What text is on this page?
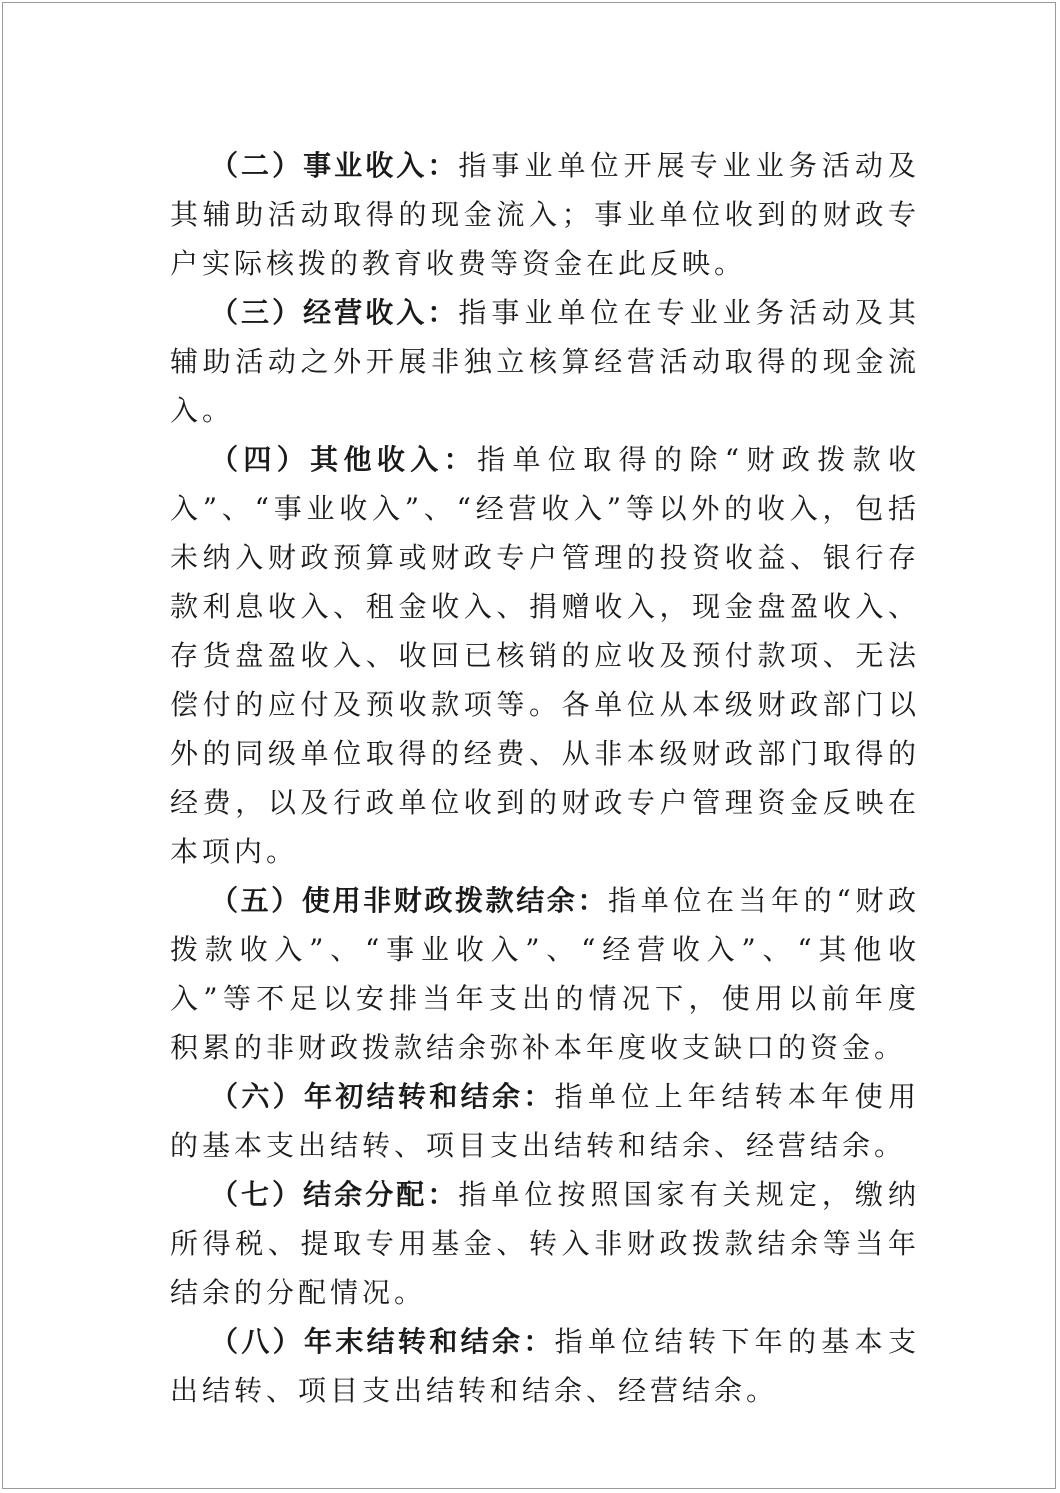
（二）事业收入：指事业单位开展专业业务活动及其辅助活动取得的现金流入；事业单位收到的财政专户实际核拨的教育收费等资金在此反映。

（三）经营收入：指事业单位在专业业务活动及其辅助活动之外开展非独立核算经营活动取得的现金流入。

（四）其他收入：指单位取得的除“财政拨款收入”、“事业收入”、“经营收入”等以外的收入，包括未纳入财政预算或财政专户管理的投资收益、银行存款利息收入、租金收入、捐赠收入，现金盘盈收入、存货盘盈收入、收回已核销的应收及预付款项、无法偿付的应付及预收款项等。各单位从本级财政部门以外的同级单位取得的经费、从非本级财政部门取得的经费，以及行政单位收到的财政专户管理资金反映在本项内。

（五）使用非财政拨款结余：指单位在当年的“财政拨款收入”、“事业收入”、“经营收入”、“其他收入”等不足以安排当年支出的情况下，使用以前年度积累的非财政拨款结余弥补本年度收支缺口的资金。

（六）年初结转和结余：指单位上年结转本年使用的基本支出结转、项目支出结转和结余、经营结余。

（七）结余分配：指单位按照国家有关规定，缴纳所得税、提取专用基金、转入非财政拨款结余等当年结余的分配情况。

（八）年末结转和结余：指单位结转下年的基本支出结转、项目支出结转和结余、经营结余。
